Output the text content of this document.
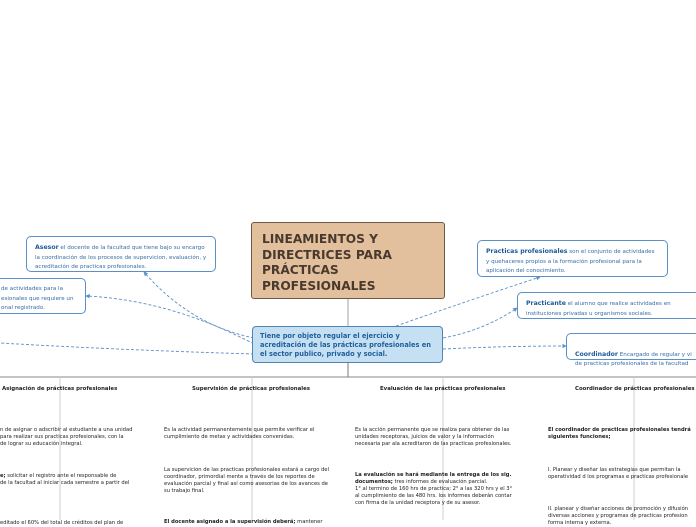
LINEAMIENTOS Y
DIRECTRICES PARA
PRÁCTICAS
PROFESIONALES
Tiene por objeto regular el ejercicio y acreditación de las prácticas profesionales en el sector publico, privado y social.
Asesor el docente de la facultad que tiene bajo su encargo la coordinación de los procesos de supervicion, evaluación, y acreditación de practicas profesionales.
de actividades para la
esionales que requiere un
onal registrado.
Practicas profesionales son el conjunto de actividades y quehaceres propios a la formación profesional para la aplicación del conocimiento.
Practicante el alumno que realice actividades en instituciones privadas u organismos sociales.

Coordinador Encargado de regular y vi
de practicas profesionales de la facultad

Asignación de prácticas profesionales	Supervisión de prácticas profesionales	Evaluación de las prácticas profesionales	Coordinador de prácticas profesionales

n de asignar o adscribir al estudiante a una unidad
para realizar sus practicas profesionales, con la
de lograr su educación integral.

e; solicitar el registro ante el responsable de
de la facultad al iniciar cada semestre a partir del

editado el 60% del total de créditos del plan de

Es la actividad permanentemente que permite verificar el
cumplimiento de metas y actividades convenidas.

La supervicion de las practicas profesionales estará a cargo del
coordinador, primordial mente a través de los reportes de
evaluación parcial y final así como asesorias de los avances de
su trabajo final.

El docente asignado a la supervisión deberá; mantener

Es la acción permanente que se realiza para obtener de las
unidades receptoras, juicios de valor y la información
necesaria par ala acreditaron de las practicas profesionales.

La evaluación se hará mediante la entrega de los sig.
documentos; tres informes de evaluación parcial.
1° al termino de 160 hrs de practica; 2° a las 320 hrs y el 3°
al cumplimiento de las 480 hrs. los informes deberán contar
con firma de la unidad receptora y de su asesor.

El coordinador de practicas profesionales tendrá
siguientes funciones;

I. Planear y diseñar las estrategias que permitan la
operatividad d los programas e practicas profesionale

II. planear y diseñar acciones de promoción y difusión
diversas acciones y programas de practicas profesion
forma interna y externa.
